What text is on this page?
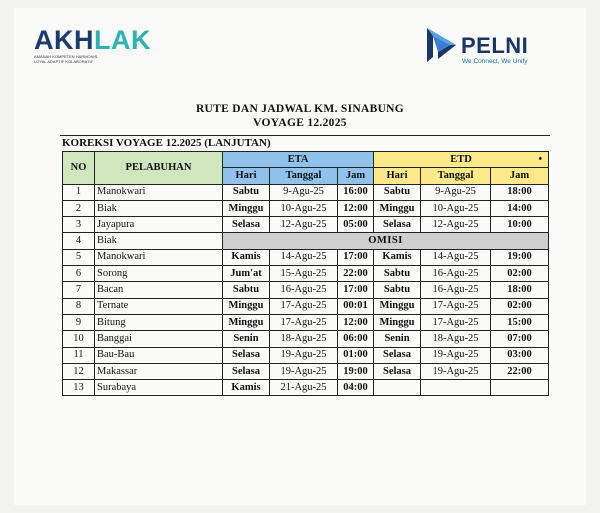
AKHLAK
AMANAH KOMPETEN HARMONIS
LOYAL ADAPTIF KOLABORATIF
PELNI
We Connect, We Unify
RUTE DAN JADWAL KM. SINABUNG
VOYAGE 12.2025
KOREKSI VOYAGE 12.2025 (LANJUTAN)
NO	PELABUHAN	ETA			ETD •		

		Hari	Tanggal	Jam	Hari	Tanggal	Jam
1	Manokwari	Sabtu	9-Agu-25	16:00	Sabtu	9-Agu-25	18:00
2	Biak	Minggu	10-Agu-25	12:00	Minggu	10-Agu-25	14:00
3	Jayapura	Selasa	12-Agu-25	05:00	Selasa	12-Agu-25	10:00
4	Biak	OMISI					
5	Manokwari	Kamis	14-Agu-25	17:00	Kamis	14-Agu-25	19:00
6	Sorong	Jum'at	15-Agu-25	22:00	Sabtu	16-Agu-25	02:00
7	Bacan	Sabtu	16-Agu-25	17:00	Sabtu	16-Agu-25	18:00
8	Ternate	Minggu	17-Agu-25	00:01	Minggu	17-Agu-25	02:00
9	Bitung	Minggu	17-Agu-25	12:00	Minggu	17-Agu-25	15:00
10	Banggai	Senin	18-Agu-25	06:00	Senin	18-Agu-25	07:00
11	Bau-Bau	Selasa	19-Agu-25	01:00	Selasa	19-Agu-25	03:00
12	Makassar	Selasa	19-Agu-25	19:00	Selasa	19-Agu-25	22:00
13	Surabaya	Kamis	21-Agu-25	04:00			
